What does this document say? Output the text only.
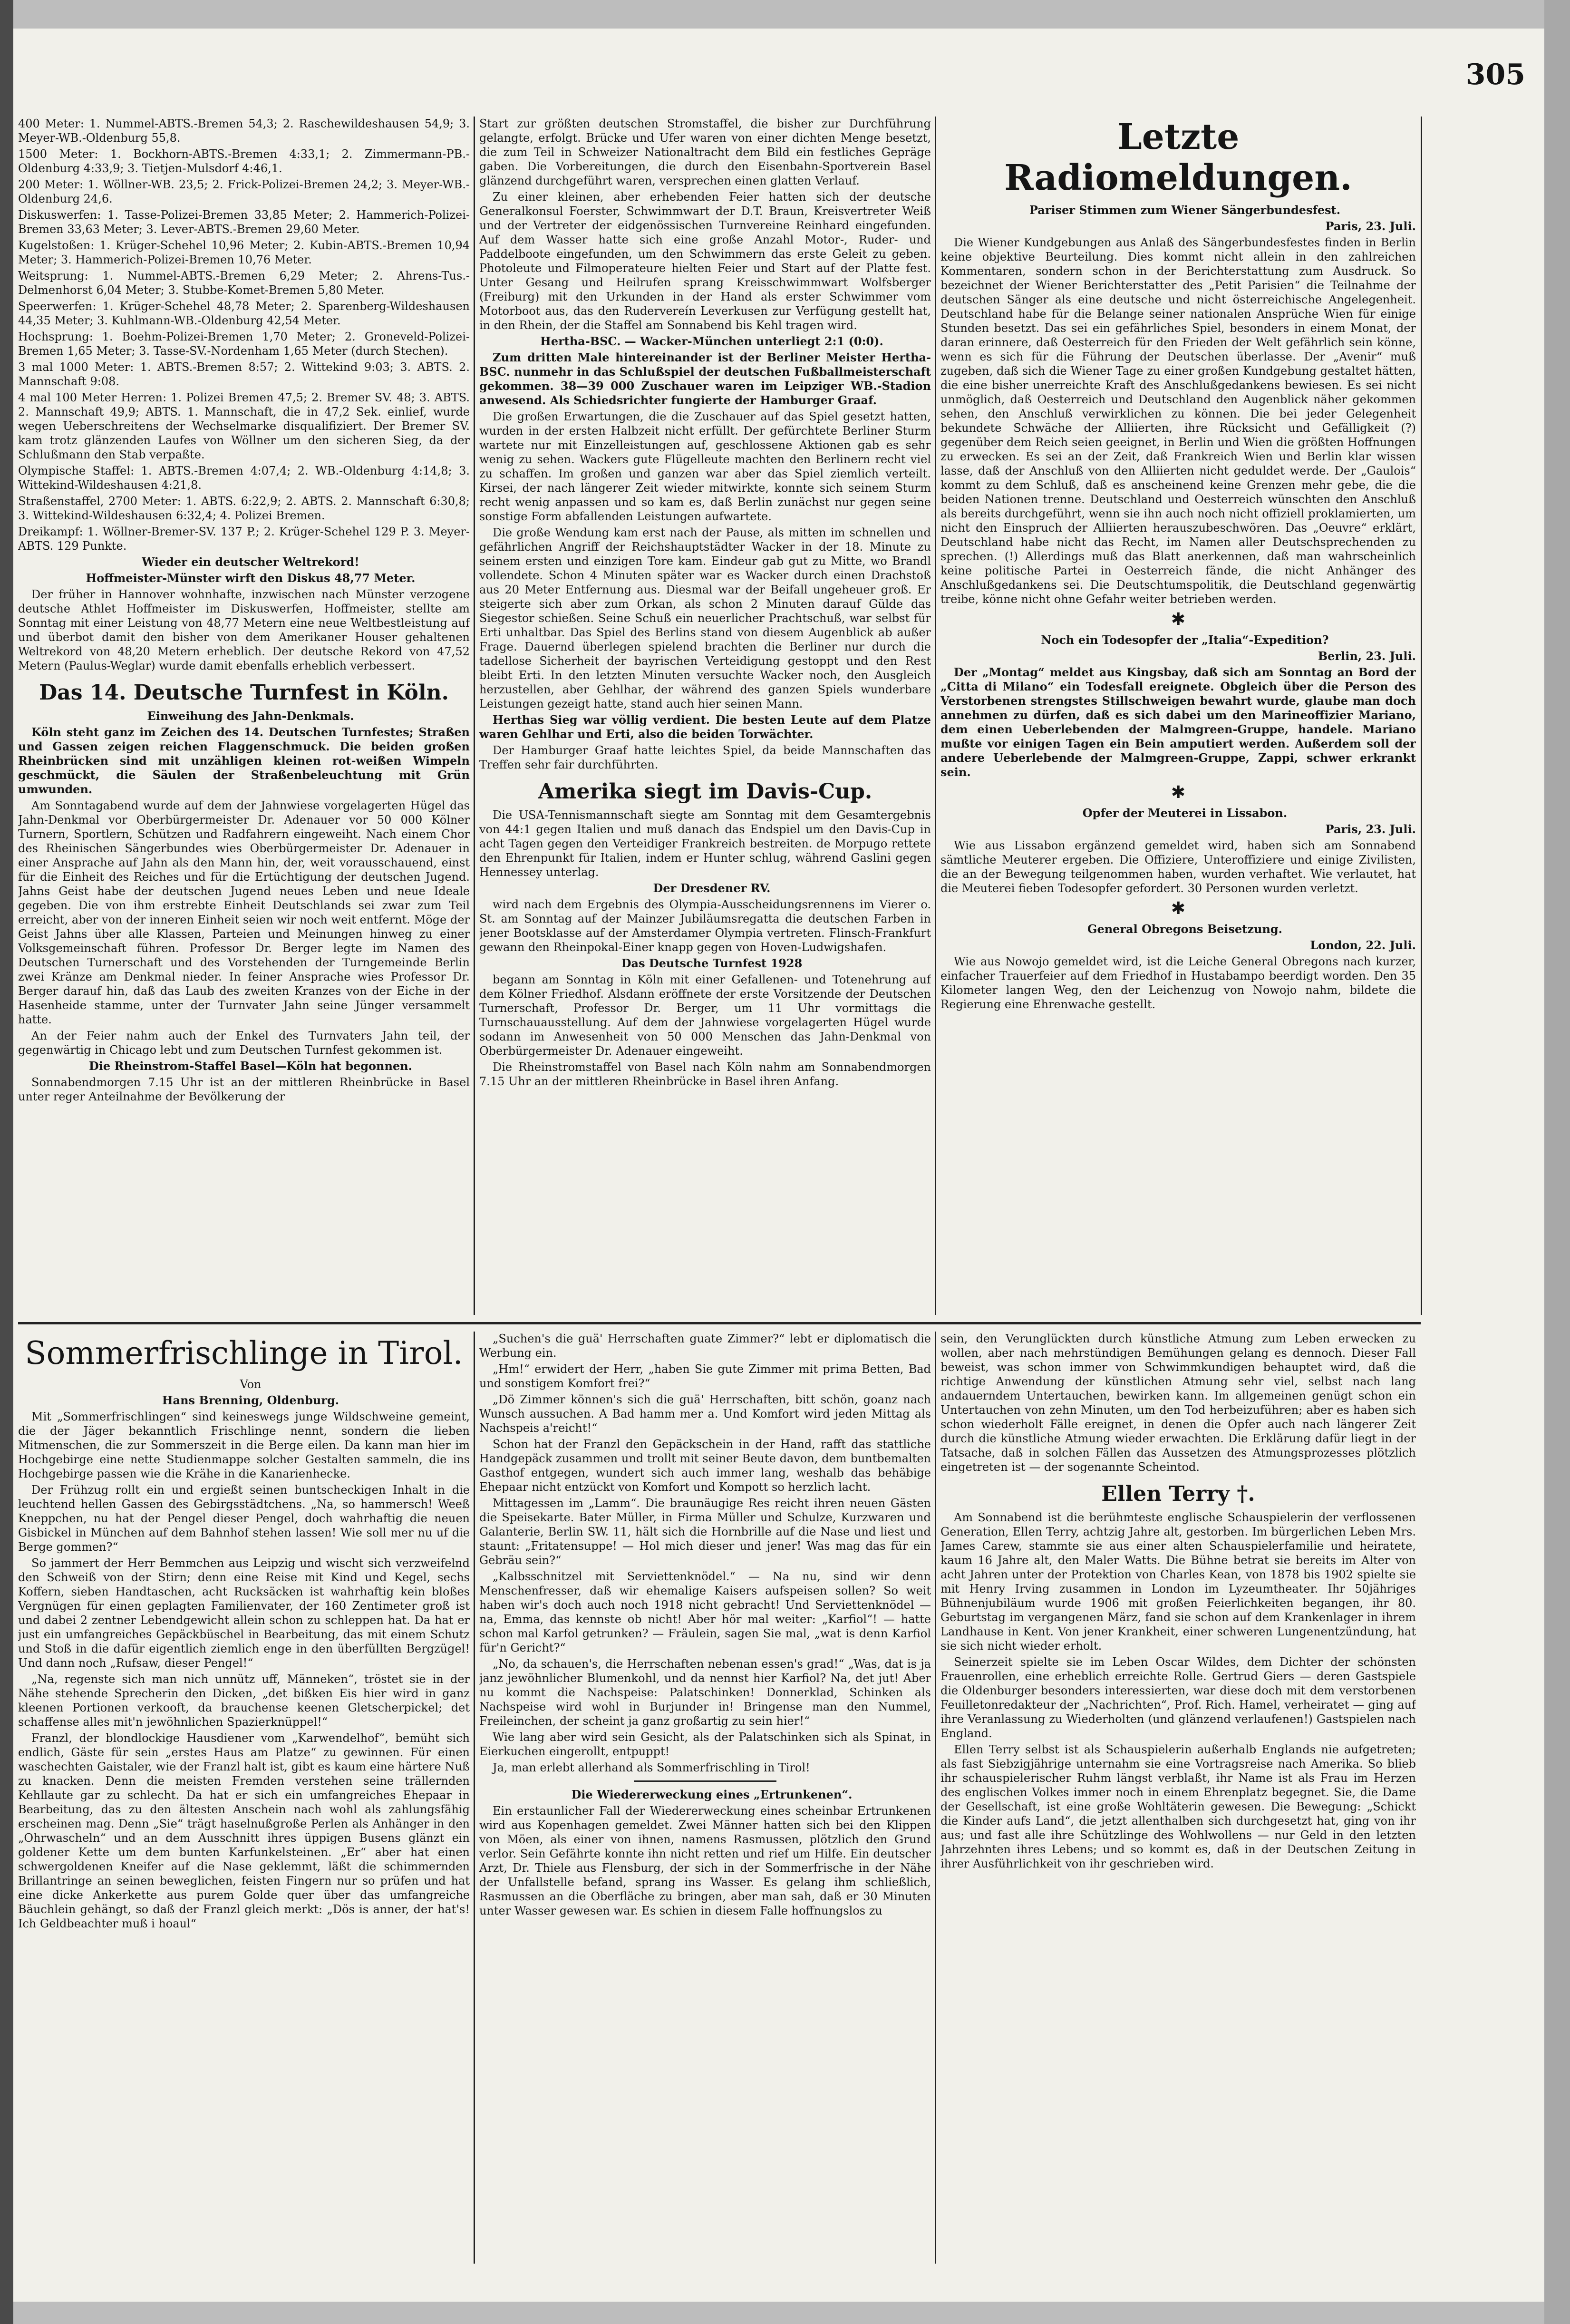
305

400 Meter: 1. Nummel-ABTS.-Bremen 54,3; 2. Raschewildeshausen 54,9; 3. Meyer-WB.-Oldenburg 55,8.

1500 Meter: 1. Bockhorn-ABTS.-Bremen 4:33,1; 2. Zimmermann-PB.-Oldenburg 4:33,9; 3. Tietjen-Mulsdorf 4:46,1.

200 Meter: 1. Wöllner-WB. 23,5; 2. Frick-Polizei-Bremen 24,2; 3. Meyer-WB.-Oldenburg 24,6.

Diskuswerfen: 1. Tasse-Polizei-Bremen 33,85 Meter; 2. Hammerich-Polizei-Bremen 33,63 Meter; 3. Lever-ABTS.-Bremen 29,60 Meter.

Kugelstoßen: 1. Krüger-Schehel 10,96 Meter; 2. Kubin-ABTS.-Bremen 10,94 Meter; 3. Hammerich-Polizei-Bremen 10,76 Meter.

Weitsprung: 1. Nummel-ABTS.-Bremen 6,29 Meter; 2. Ahrens-Tus.-Delmenhorst 6,04 Meter; 3. Stubbe-Komet-Bremen 5,80 Meter.

Speerwerfen: 1. Krüger-Schehel 48,78 Meter; 2. Sparenberg-Wildeshausen 44,35 Meter; 3. Kuhlmann-WB.-Oldenburg 42,54 Meter.

Hochsprung: 1. Boehm-Polizei-Bremen 1,70 Meter; 2. Groneveld-Polizei-Bremen 1,65 Meter; 3. Tasse-SV.-Nordenham 1,65 Meter (durch Stechen).

3 mal 1000 Meter: 1. ABTS.-Bremen 8:57; 2. Wittekind 9:03; 3. ABTS. 2. Mannschaft 9:08.

4 mal 100 Meter Herren: 1. Polizei Bremen 47,5; 2. Bremer SV. 48; 3. ABTS. 2. Mannschaft 49,9; ABTS. 1. Mannschaft, die in 47,2 Sek. einlief, wurde wegen Ueberschreitens der Wechselmarke disqualifiziert. Der Bremer SV. kam trotz glänzenden Laufes von Wöllner um den sicheren Sieg, da der Schlußmann den Stab verpaßte.

Olympische Staffel: 1. ABTS.-Bremen 4:07,4; 2. WB.-Oldenburg 4:14,8; 3. Wittekind-Wildeshausen 4:21,8.

Straßenstaffel, 2700 Meter: 1. ABTS. 6:22,9; 2. ABTS. 2. Mannschaft 6:30,8; 3. Wittekind-Wildeshausen 6:32,4; 4. Polizei Bremen.

Dreikampf: 1. Wöllner-Bremer-SV. 137 P.; 2. Krüger-Schehel 129 P. 3. Meyer-ABTS. 129 Punkte.

Wieder ein deutscher Weltrekord!

Hoffmeister-Münster wirft den Diskus 48,77 Meter.

Der früher in Hannover wohnhafte, inzwischen nach Münster verzogene deutsche Athlet Hoffmeister im Diskuswerfen, Hoffmeister, stellte am Sonntag mit einer Leistung von 48,77 Metern eine neue Weltbestleistung auf und überbot damit den bisher von dem Amerikaner Houser gehaltenen Weltrekord von 48,20 Metern erheblich. Der deutsche Rekord von 47,52 Metern (Paulus-Weglar) wurde damit ebenfalls erheblich verbessert.

Das 14. Deutsche Turnfest in Köln.

Einweihung des Jahn-Denkmals.

Köln steht ganz im Zeichen des 14. Deutschen Turnfestes; Straßen und Gassen zeigen reichen Flaggenschmuck. Die beiden großen Rheinbrücken sind mit unzähligen kleinen rot-weißen Wimpeln geschmückt, die Säulen der Straßenbeleuchtung mit Grün umwunden.

Am Sonntagabend wurde auf dem der Jahnwiese vorgelagerten Hügel das Jahn-Denkmal vor Oberbürgermeister Dr. Adenauer vor 50 000 Kölner Turnern, Sportlern, Schützen und Radfahrern eingeweiht. Nach einem Chor des Rheinischen Sängerbundes wies Oberbürgermeister Dr. Adenauer in einer Ansprache auf Jahn als den Mann hin, der, weit vorausschauend, einst für die Einheit des Reiches und für die Ertüchtigung der deutschen Jugend. Jahns Geist habe der deutschen Jugend neues Leben und neue Ideale gegeben. Die von ihm erstrebte Einheit Deutschlands sei zwar zum Teil erreicht, aber von der inneren Einheit seien wir noch weit entfernt. Möge der Geist Jahns über alle Klassen, Parteien und Meinungen hinweg zu einer Volksgemeinschaft führen. Professor Dr. Berger legte im Namen des Deutschen Turnerschaft und des Vorstehenden der Turngemeinde Berlin zwei Kränze am Denkmal nieder. In feiner Ansprache wies Professor Dr. Berger darauf hin, daß das Laub des zweiten Kranzes von der Eiche in der Hasenheide stamme, unter der Turnvater Jahn seine Jünger versammelt hatte.

An der Feier nahm auch der Enkel des Turnvaters Jahn teil, der gegenwärtig in Chicago lebt und zum Deutschen Turnfest gekommen ist.

Die Rheinstrom-Staffel Basel—Köln hat begonnen.

Sonnabendmorgen 7.15 Uhr ist an der mittleren Rheinbrücke in Basel unter reger Anteilnahme der Bevölkerung der

Start zur größten deutschen Stromstaffel, die bisher zur Durchführung gelangte, erfolgt. Brücke und Ufer waren von einer dichten Menge besetzt, die zum Teil in Schweizer Nationaltracht dem Bild ein festliches Gepräge gaben. Die Vorbereitungen, die durch den Eisenbahn-Sportverein Basel glänzend durchgeführt waren, versprechen einen glatten Verlauf.

Zu einer kleinen, aber erhebenden Feier hatten sich der deutsche Generalkonsul Foerster, Schwimmwart der D.T. Braun, Kreisvertreter Weiß und der Vertreter der eidgenössischen Turnvereine Reinhard eingefunden. Auf dem Wasser hatte sich eine große Anzahl Motor-, Ruder- und Paddelboote eingefunden, um den Schwimmern das erste Geleit zu geben. Photoleute und Filmoperateure hielten Feier und Start auf der Platte fest. Unter Gesang und Heilrufen sprang Kreisschwimmwart Wolfsberger (Freiburg) mit den Urkunden in der Hand als erster Schwimmer vom Motorboot aus, das den Rudervereín Leverkusen zur Verfügung gestellt hat, in den Rhein, der die Staffel am Sonnabend bis Kehl tragen wird.

Hertha-BSC. — Wacker-München unterliegt 2:1 (0:0).

Zum dritten Male hintereinander ist der Berliner Meister Hertha-BSC. nunmehr in das Schlußspiel der deutschen Fußballmeisterschaft gekommen. 38—39 000 Zuschauer waren im Leipziger WB.-Stadion anwesend. Als Schiedsrichter fungierte der Hamburger Graaf.

Die großen Erwartungen, die die Zuschauer auf das Spiel gesetzt hatten, wurden in der ersten Halbzeit nicht erfüllt. Der gefürchtete Berliner Sturm wartete nur mit Einzelleistungen auf, geschlossene Aktionen gab es sehr wenig zu sehen. Wackers gute Flügelleute machten den Berlinern recht viel zu schaffen. Im großen und ganzen war aber das Spiel ziemlich verteilt. Kirsei, der nach längerer Zeit wieder mitwirkte, konnte sich seinem Sturm recht wenig anpassen und so kam es, daß Berlin zunächst nur gegen seine sonstige Form abfallenden Leistungen aufwartete.

Die große Wendung kam erst nach der Pause, als mitten im schnellen und gefährlichen Angriff der Reichshauptstädter Wacker in der 18. Minute zu seinem ersten und einzigen Tore kam. Eindeur gab gut zu Mitte, wo Brandl vollendete. Schon 4 Minuten später war es Wacker durch einen Drachstoß aus 20 Meter Entfernung aus. Diesmal war der Beifall ungeheuer groß. Er steigerte sich aber zum Orkan, als schon 2 Minuten darauf Gülde das Siegestor schießen. Seine Schuß ein neuerlicher Prachtschuß, war selbst für Erti unhaltbar. Das Spiel des Berlins stand von diesem Augenblick ab außer Frage. Dauernd überlegen spielend brachten die Berliner nur durch die tadellose Sicherheit der bayrischen Verteidigung gestoppt und den Rest bleibt Erti. In den letzten Minuten versuchte Wacker noch, den Ausgleich herzustellen, aber Gehlhar, der während des ganzen Spiels wunderbare Leistungen gezeigt hatte, stand auch hier seinen Mann.

Herthas Sieg war völlig verdient. Die besten Leute auf dem Platze waren Gehlhar und Erti, also die beiden Torwächter.

Der Hamburger Graaf hatte leichtes Spiel, da beide Mannschaften das Treffen sehr fair durchführten.

Amerika siegt im Davis-Cup.

Die USA-Tennismannschaft siegte am Sonntag mit dem Gesamtergebnis von 44:1 gegen Italien und muß danach das Endspiel um den Davis-Cup in acht Tagen gegen den Verteidiger Frankreich bestreiten. de Morpugo rettete den Ehrenpunkt für Italien, indem er Hunter schlug, während Gaslini gegen Hennessey unterlag.

Der Dresdener RV.

wird nach dem Ergebnis des Olympia-Ausscheidungsrennens im Vierer o. St. am Sonntag auf der Mainzer Jubiläumsregatta die deutschen Farben in jener Bootsklasse auf der Amsterdamer Olympia vertreten. Flinsch-Frankfurt gewann den Rheinpokal-Einer knapp gegen von Hoven-Ludwigshafen.

Das Deutsche Turnfest 1928

begann am Sonntag in Köln mit einer Gefallenen- und Totenehrung auf dem Kölner Friedhof. Alsdann eröffnete der erste Vorsitzende der Deutschen Turnerschaft, Professor Dr. Berger, um 11 Uhr vormittags die Turnschauausstellung. Auf dem der Jahnwiese vorgelagerten Hügel wurde sodann im Anwesenheit von 50 000 Menschen das Jahn-Denkmal von Oberbürgermeister Dr. Adenauer eingeweiht.

Die Rheinstromstaffel von Basel nach Köln nahm am Sonnabendmorgen 7.15 Uhr an der mittleren Rheinbrücke in Basel ihren Anfang.

Letzte Radiomeldungen.

Pariser Stimmen zum Wiener Sängerbundesfest.

Paris, 23. Juli.

Die Wiener Kundgebungen aus Anlaß des Sängerbundesfestes finden in Berlin keine objektive Beurteilung. Dies kommt nicht allein in den zahlreichen Kommentaren, sondern schon in der Berichterstattung zum Ausdruck. So bezeichnet der Wiener Berichterstatter des „Petit Parisien“ die Teilnahme der deutschen Sänger als eine deutsche und nicht österreichische Angelegenheit. Deutschland habe für die Belange seiner nationalen Ansprüche Wien für einige Stunden besetzt. Das sei ein gefährliches Spiel, besonders in einem Monat, der daran erinnere, daß Oesterreich für den Frieden der Welt gefährlich sein könne, wenn es sich für die Führung der Deutschen überlasse. Der „Avenir“ muß zugeben, daß sich die Wiener Tage zu einer großen Kundgebung gestaltet hätten, die eine bisher unerreichte Kraft des Anschlußgedankens bewiesen. Es sei nicht unmöglich, daß Oesterreich und Deutschland den Augenblick näher gekommen sehen, den Anschluß verwirklichen zu können. Die bei jeder Gelegenheit bekundete Schwäche der Alliierten, ihre Rücksicht und Gefälligkeit (?) gegenüber dem Reich seien geeignet, in Berlin und Wien die größten Hoffnungen zu erwecken. Es sei an der Zeit, daß Frankreich Wien und Berlin klar wissen lasse, daß der Anschluß von den Alliierten nicht geduldet werde. Der „Gaulois“ kommt zu dem Schluß, daß es anscheinend keine Grenzen mehr gebe, die die beiden Nationen trenne. Deutschland und Oesterreich wünschten den Anschluß als bereits durchgeführt, wenn sie ihn auch noch nicht offiziell proklamierten, um nicht den Einspruch der Alliierten herauszubeschwören. Das „Oeuvre“ erklärt, Deutschland habe nicht das Recht, im Namen aller Deutschsprechenden zu sprechen. (!) Allerdings muß das Blatt anerkennen, daß man wahrscheinlich keine politische Partei in Oesterreich fände, die nicht Anhänger des Anschlußgedankens sei. Die Deutschtumspolitik, die Deutschland gegenwärtig treibe, könne nicht ohne Gefahr weiter betrieben werden.

✱

Noch ein Todesopfer der „Italia“-Expedition?

Berlin, 23. Juli.

Der „Montag“ meldet aus Kingsbay, daß sich am Sonntag an Bord der „Citta di Milano“ ein Todesfall ereignete. Obgleich über die Person des Verstorbenen strengstes Stillschweigen bewahrt wurde, glaube man doch annehmen zu dürfen, daß es sich dabei um den Marineoffizier Mariano, dem einen Ueberlebenden der Malmgreen-Gruppe, handele. Mariano mußte vor einigen Tagen ein Bein amputiert werden. Außerdem soll der andere Ueberlebende der Malmgreen-Gruppe, Zappi, schwer erkrankt sein.

✱

Opfer der Meuterei in Lissabon.

Paris, 23. Juli.

Wie aus Lissabon ergänzend gemeldet wird, haben sich am Sonnabend sämtliche Meuterer ergeben. Die Offiziere, Unteroffiziere und einige Zivilisten, die an der Bewegung teilgenommen haben, wurden verhaftet. Wie verlautet, hat die Meuterei fieben Todesopfer gefordert. 30 Personen wurden verletzt.

✱

General Obregons Beisetzung.

London, 22. Juli.

Wie aus Nowojo gemeldet wird, ist die Leiche General Obregons nach kurzer, einfacher Trauerfeier auf dem Friedhof in Hustabampo beerdigt worden. Den 35 Kilometer langen Weg, den der Leichenzug von Nowojo nahm, bildete die Regierung eine Ehrenwache gestellt.

Sommerfrischlinge in Tirol.

Von

Hans Brenning, Oldenburg.

Mit „Sommerfrischlingen“ sind keineswegs junge Wildschweine gemeint, die der Jäger bekanntlich Frischlinge nennt, sondern die lieben Mitmenschen, die zur Sommerszeit in die Berge eilen. Da kann man hier im Hochgebirge eine nette Studienmappe solcher Gestalten sammeln, die ins Hochgebirge passen wie die Krähe in die Kanarienhecke.

Der Frühzug rollt ein und ergießt seinen buntscheckigen Inhalt in die leuchtend hellen Gassen des Gebirgsstädtchens. „Na, so hammersch! Weeß Kneppchen, nu hat der Pengel dieser Pengel, doch wahrhaftig die neuen Gisbickel in München auf dem Bahnhof stehen lassen! Wie soll mer nu uf die Berge gommen?“

So jammert der Herr Bemmchen aus Leipzig und wischt sich verzweifelnd den Schweiß von der Stirn; denn eine Reise mit Kind und Kegel, sechs Koffern, sieben Handtaschen, acht Rucksäcken ist wahrhaftig kein bloßes Vergnügen für einen geplagten Familienvater, der 160 Zentimeter groß ist und dabei 2 zentner Lebendgewicht allein schon zu schleppen hat. Da hat er just ein umfangreiches Gepäckbüschel in Bearbeitung, das mit einem Schutz und Stoß in die dafür eigentlich ziemlich enge in den überfüllten Bergzügel! Und dann noch „Rufsaw, dieser Pengel!“

„Na, regenste sich man nich unnütz uff, Männeken“, tröstet sie in der Nähe stehende Sprecherin den Dicken, „det bißken Eis hier wird in ganz kleenen Portionen verkooft, da brauchense keenen Gletscherpickel; det schaffense alles mit'n jewöhnlichen Spazierknüppel!“

Franzl, der blondlockige Hausdiener vom „Karwendelhof“, bemüht sich endlich, Gäste für sein „erstes Haus am Platze“ zu gewinnen. Für einen waschechten Gaistaler, wie der Franzl halt ist, gibt es kaum eine härtere Nuß zu knacken. Denn die meisten Fremden verstehen seine trällernden Kehllaute gar zu schlecht. Da hat er sich ein umfangreiches Ehepaar in Bearbeitung, das zu den ältesten Anschein nach wohl als zahlungsfähig erscheinen mag. Denn „Sie“ trägt haselnußgroße Perlen als Anhänger in den „Ohrwascheln“ und an dem Ausschnitt ihres üppigen Busens glänzt ein goldener Kette um dem bunten Karfunkelsteinen. „Er“ aber hat einen schwergoldenen Kneifer auf die Nase geklemmt, läßt die schimmernden Brillantringe an seinen beweglichen, feisten Fingern nur so prüfen und hat eine dicke Ankerkette aus purem Golde quer über das umfangreiche Bäuchlein gehängt, so daß der Franzl gleich merkt: „Dös is anner, der hat's! Ich Geldbeachter muß i hoaul“

„Suchen's die guä' Herrschaften guate Zimmer?“ lebt er diplomatisch die Werbung ein.

„Hm!“ erwidert der Herr, „haben Sie gute Zimmer mit prima Betten, Bad und sonstigem Komfort frei?“

„Dö Zimmer können's sich die guä' Herrschaften, bitt schön, goanz nach Wunsch aussuchen. A Bad hamm mer a. Und Komfort wird jeden Mittag als Nachspeis a'reicht!“

Schon hat der Franzl den Gepäckschein in der Hand, rafft das stattliche Handgepäck zusammen und trollt mit seiner Beute davon, dem buntbemalten Gasthof entgegen, wundert sich auch immer lang, weshalb das behäbige Ehepaar nicht entzückt von Komfort und Kompott so herzlich lacht.

Mittagessen im „Lamm“. Die braunäugige Res reicht ihren neuen Gästen die Speisekarte. Bater Müller, in Firma Müller und Schulze, Kurzwaren und Galanterie, Berlin SW. 11, hält sich die Hornbrille auf die Nase und liest und staunt: „Fritatensuppe! — Hol mich dieser und jener! Was mag das für ein Gebräu sein?“

„Kalbsschnitzel mit Serviettenknödel.“ — Na nu, sind wir denn Menschenfresser, daß wir ehemalige Kaisers aufspeisen sollen? So weit haben wir's doch auch noch 1918 nicht gebracht! Und Serviettenknödel — na, Emma, das kennste ob nicht! Aber hör mal weiter: „Karfiol“! — hatte schon mal Karfol getrunken? — Fräulein, sagen Sie mal, „wat is denn Karfiol für'n Gericht?“

„No, da schauen's, die Herrschaften nebenan essen's grad!“ „Was, dat is ja janz jewöhnlicher Blumenkohl, und da nennst hier Karfiol? Na, det jut! Aber nu kommt die Nachspeise: Palatschinken! Donnerklad, Schinken als Nachspeise wird wohl in Burjunder in! Bringense man den Nummel, Freileinchen, der scheint ja ganz großartig zu sein hier!“

Wie lang aber wird sein Gesicht, als der Palatschinken sich als Spinat, in Eierkuchen eingerollt, entpuppt!

Ja, man erlebt allerhand als Sommerfrischling in Tirol!

Die Wiedererweckung eines „Ertrunkenen“.

Ein erstaunlicher Fall der Wiedererweckung eines scheinbar Ertrunkenen wird aus Kopenhagen gemeldet. Zwei Männer hatten sich bei den Klippen von Möen, als einer von ihnen, namens Rasmussen, plötzlich den Grund verlor. Sein Gefährte konnte ihn nicht retten und rief um Hilfe. Ein deutscher Arzt, Dr. Thiele aus Flensburg, der sich in der Sommerfrische in der Nähe der Unfallstelle befand, sprang ins Wasser. Es gelang ihm schließlich, Rasmussen an die Oberfläche zu bringen, aber man sah, daß er 30 Minuten unter Wasser gewesen war. Es schien in diesem Falle hoffnungslos zu

sein, den Verunglückten durch künstliche Atmung zum Leben erwecken zu wollen, aber nach mehrstündigen Bemühungen gelang es dennoch. Dieser Fall beweist, was schon immer von Schwimmkundigen behauptet wird, daß die richtige Anwendung der künstlichen Atmung sehr viel, selbst nach lang andauerndem Untertauchen, bewirken kann. Im allgemeinen genügt schon ein Untertauchen von zehn Minuten, um den Tod herbeizuführen; aber es haben sich schon wiederholt Fälle ereignet, in denen die Opfer auch nach längerer Zeit durch die künstliche Atmung wieder erwachten. Die Erklärung dafür liegt in der Tatsache, daß in solchen Fällen das Aussetzen des Atmungsprozesses plötzlich eingetreten ist — der sogenannte Scheintod.

Ellen Terry †.

Am Sonnabend ist die berühmteste englische Schauspielerin der verflossenen Generation, Ellen Terry, achtzig Jahre alt, gestorben. Im bürgerlichen Leben Mrs. James Carew, stammte sie aus einer alten Schauspielerfamilie und heiratete, kaum 16 Jahre alt, den Maler Watts. Die Bühne betrat sie bereits im Alter von acht Jahren unter der Protektion von Charles Kean, von 1878 bis 1902 spielte sie mit Henry Irving zusammen in London im Lyzeumtheater. Ihr 50jähriges Bühnenjubiläum wurde 1906 mit großen Feierlichkeiten begangen, ihr 80. Geburtstag im vergangenen März, fand sie schon auf dem Krankenlager in ihrem Landhause in Kent. Von jener Krankheit, einer schweren Lungenentzündung, hat sie sich nicht wieder erholt.

Seinerzeit spielte sie im Leben Oscar Wildes, dem Dichter der schönsten Frauenrollen, eine erheblich erreichte Rolle. Gertrud Giers — deren Gastspiele die Oldenburger besonders interessierten, war diese doch mit dem verstorbenen Feuilletonredakteur der „Nachrichten“, Prof. Rich. Hamel, verheiratet — ging auf ihre Veranlassung zu Wiederholten (und glänzend verlaufenen!) Gastspielen nach England.

Ellen Terry selbst ist als Schauspielerin außerhalb Englands nie aufgetreten; als fast Siebzigjährige unternahm sie eine Vortragsreise nach Amerika. So blieb ihr schauspielerischer Ruhm längst verblaßt, ihr Name ist als Frau im Herzen des englischen Volkes immer noch in einem Ehrenplatz begegnet. Sie, die Dame der Gesellschaft, ist eine große Wohltäterin gewesen. Die Bewegung: „Schickt die Kinder aufs Land“, die jetzt allenthalben sich durchgesetzt hat, ging von ihr aus; und fast alle ihre Schützlinge des Wohlwollens — nur Geld in den letzten Jahrzehnten ihres Lebens; und so kommt es, daß in der Deutschen Zeitung in ihrer Ausführlichkeit von ihr geschrieben wird.
